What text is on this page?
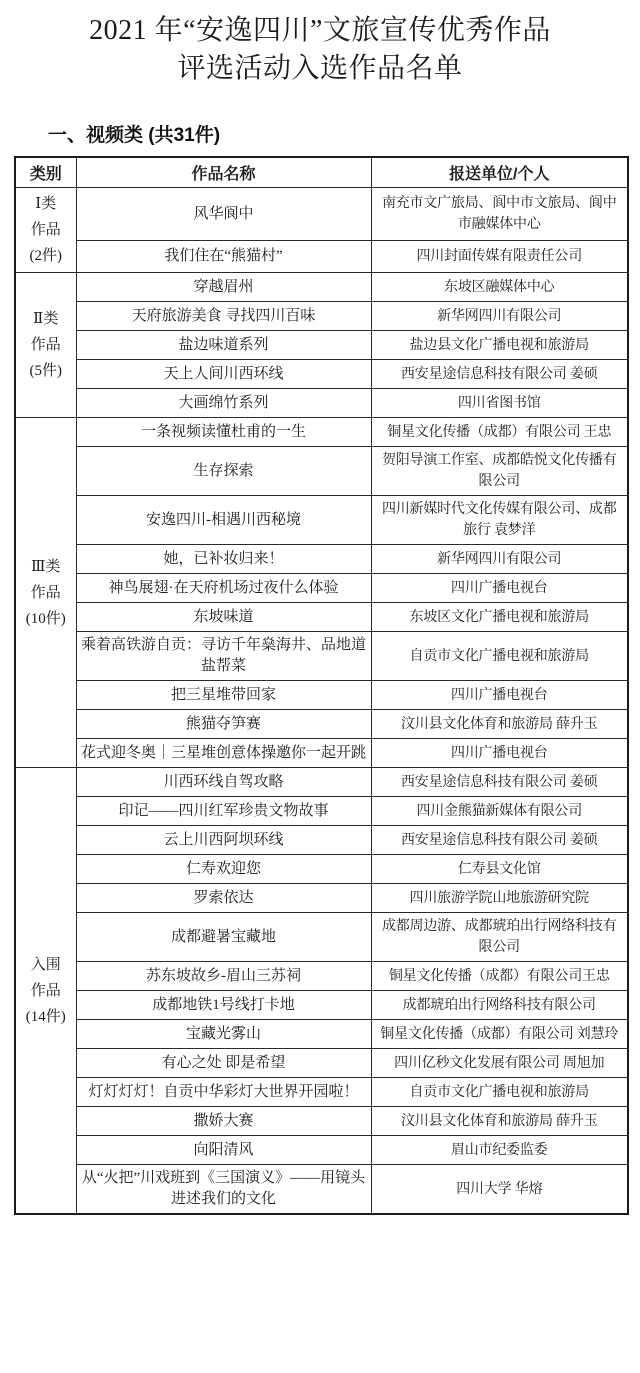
2021 年“安逸四川”文旅宣传优秀作品
评选活动入选作品名单
一、视频类 (共31件)
类别	作品名称	报送单位/个人
Ⅰ类
作品
(2件)	风华阆中	南充市文广旅局、阆中市文旅局、阆中市融媒体中心
	我们住在“熊猫村”	四川封面传媒有限责任公司
Ⅱ类
作品
(5件)	穿越眉州	东坡区融媒体中心
	天府旅游美食 寻找四川百味	新华网四川有限公司
	盐边味道系列	盐边县文化广播电视和旅游局
	天上人间川西环线	西安星途信息科技有限公司 姜硕
	大画绵竹系列	四川省图书馆
Ⅲ类
作品
(10件)	一条视频读懂杜甫的一生	铜星文化传播（成都）有限公司 王忠
	生存探索	贺阳导演工作室、成都皓悦文化传播有限公司
	安逸四川-相遇川西秘境	四川新媒时代文化传媒有限公司、成都旅行 袁梦洋
	她，已补妆归来！	新华网四川有限公司
	神鸟展翅·在天府机场过夜什么体验	四川广播电视台
	东坡味道	东坡区文化广播电视和旅游局
	乘着高铁游自贡：寻访千年燊海井、品地道盐帮菜	自贡市文化广播电视和旅游局
	把三星堆带回家	四川广播电视台
	熊猫夺笋赛	汶川县文化体育和旅游局 薛升玉
	花式迎冬奥｜三星堆创意体操邀你一起开跳	四川广播电视台
入围
作品
(14件)	川西环线自驾攻略	西安星途信息科技有限公司 姜硕
	印记——四川红军珍贵文物故事	四川金熊猫新媒体有限公司
	云上川西阿坝环线	西安星途信息科技有限公司 姜硕
	仁寿欢迎您	仁寿县文化馆
	罗索依达	四川旅游学院山地旅游研究院
	成都避暑宝藏地	成都周边游、成都琥珀出行网络科技有限公司
	苏东坡故乡-眉山三苏祠	铜星文化传播（成都）有限公司王忠
	成都地铁1号线打卡地	成都琥珀出行网络科技有限公司
	宝藏光雾山	铜星文化传播（成都）有限公司 刘慧玲
	有心之处 即是希望	四川亿秒文化发展有限公司 周旭加
	灯灯灯灯！自贡中华彩灯大世界开园啦！	自贡市文化广播电视和旅游局
	撒娇大赛	汶川县文化体育和旅游局 薛升玉
	向阳清风	眉山市纪委监委
	从“火把”川戏班到《三国演义》——用镜头进述我们的文化	四川大学 华熔
